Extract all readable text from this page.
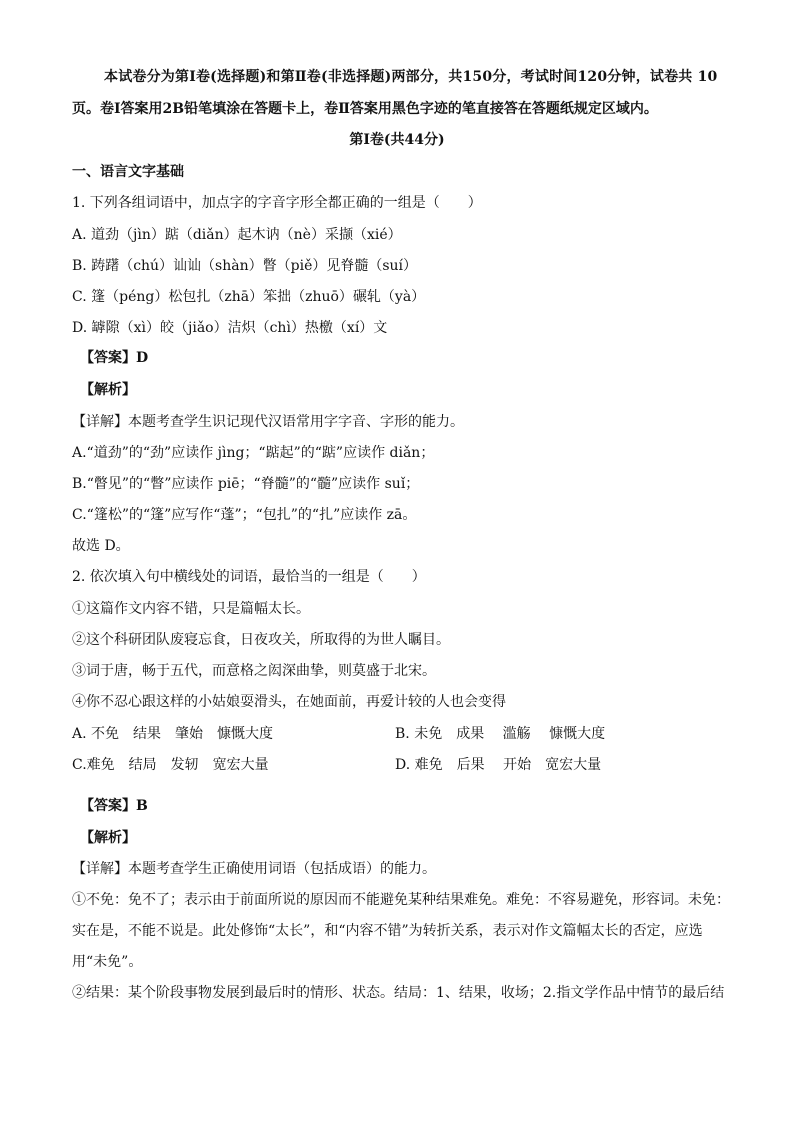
本试卷分为第Ⅰ卷(选择题)和第Ⅱ卷(非选择题)两部分，共150分，考试时间120分钟，试卷共 10
页。卷Ⅰ答案用2B铅笔填涂在答题卡上，卷Ⅱ答案用黑色字迹的笔直接答在答题纸规定区域内。
第Ⅰ卷(共44分)
一、语言文字基础
1. 下列各组词语中，加点字的字音字形全都正确的一组是（　　）
A. 道劲（jìn）踮（diǎn）起木讷（nè）采撷（xié）
B. 踌躇（chú）讪讪（shàn）瞥（piě）见脊髓（suí）
C. 篷（péng）松包扎（zhā）笨拙（zhuō）碾轧（yà）
D. 罅隙（xì）皎（jiǎo）洁炽（chì）热檄（xí）文
【答案】D
【解析】
【详解】本题考查学生识记现代汉语常用字字音、字形的能力。
A.“道劲”的“劲”应读作 jìng；“踮起”的“踮”应读作 diǎn；
B.“瞥见”的“瞥”应读作 piē；“脊髓”的“髓”应读作 suǐ；
C.“篷松”的“篷”应写作“蓬”；“包扎”的“扎”应读作 zā。
故选 D。
2. 依次填入句中横线处的词语，最恰当的一组是（　　）
①这篇作文内容不错，只是篇幅太长。
②这个科研团队废寝忘食，日夜攻关，所取得的为世人瞩目。
③词于唐，畅于五代，而意格之闳深曲挚，则莫盛于北宋。
④你不忍心跟这样的小姑娘耍滑头，在她面前，再爱计较的人也会变得
A. 不免　结果　肇始　慷慨大度	B. 未免　成果　 滥觞　 慷慨大度
C.难免　结局　发轫　宽宏大量	D. 难免　后果　 开始　宽宏大量
【答案】B
【解析】
【详解】本题考查学生正确使用词语（包括成语）的能力。
①不免：免不了；表示由于前面所说的原因而不能避免某种结果难免。难免：不容易避免，形容词。未免：
实在是，不能不说是。此处修饰“太长”，和“内容不错”为转折关系，表示对作文篇幅太长的否定，应选
用“未免”。
②结果：某个阶段事物发展到最后时的情形、状态。结局：1、结果，收场；2.指文学作品中情节的最后结
